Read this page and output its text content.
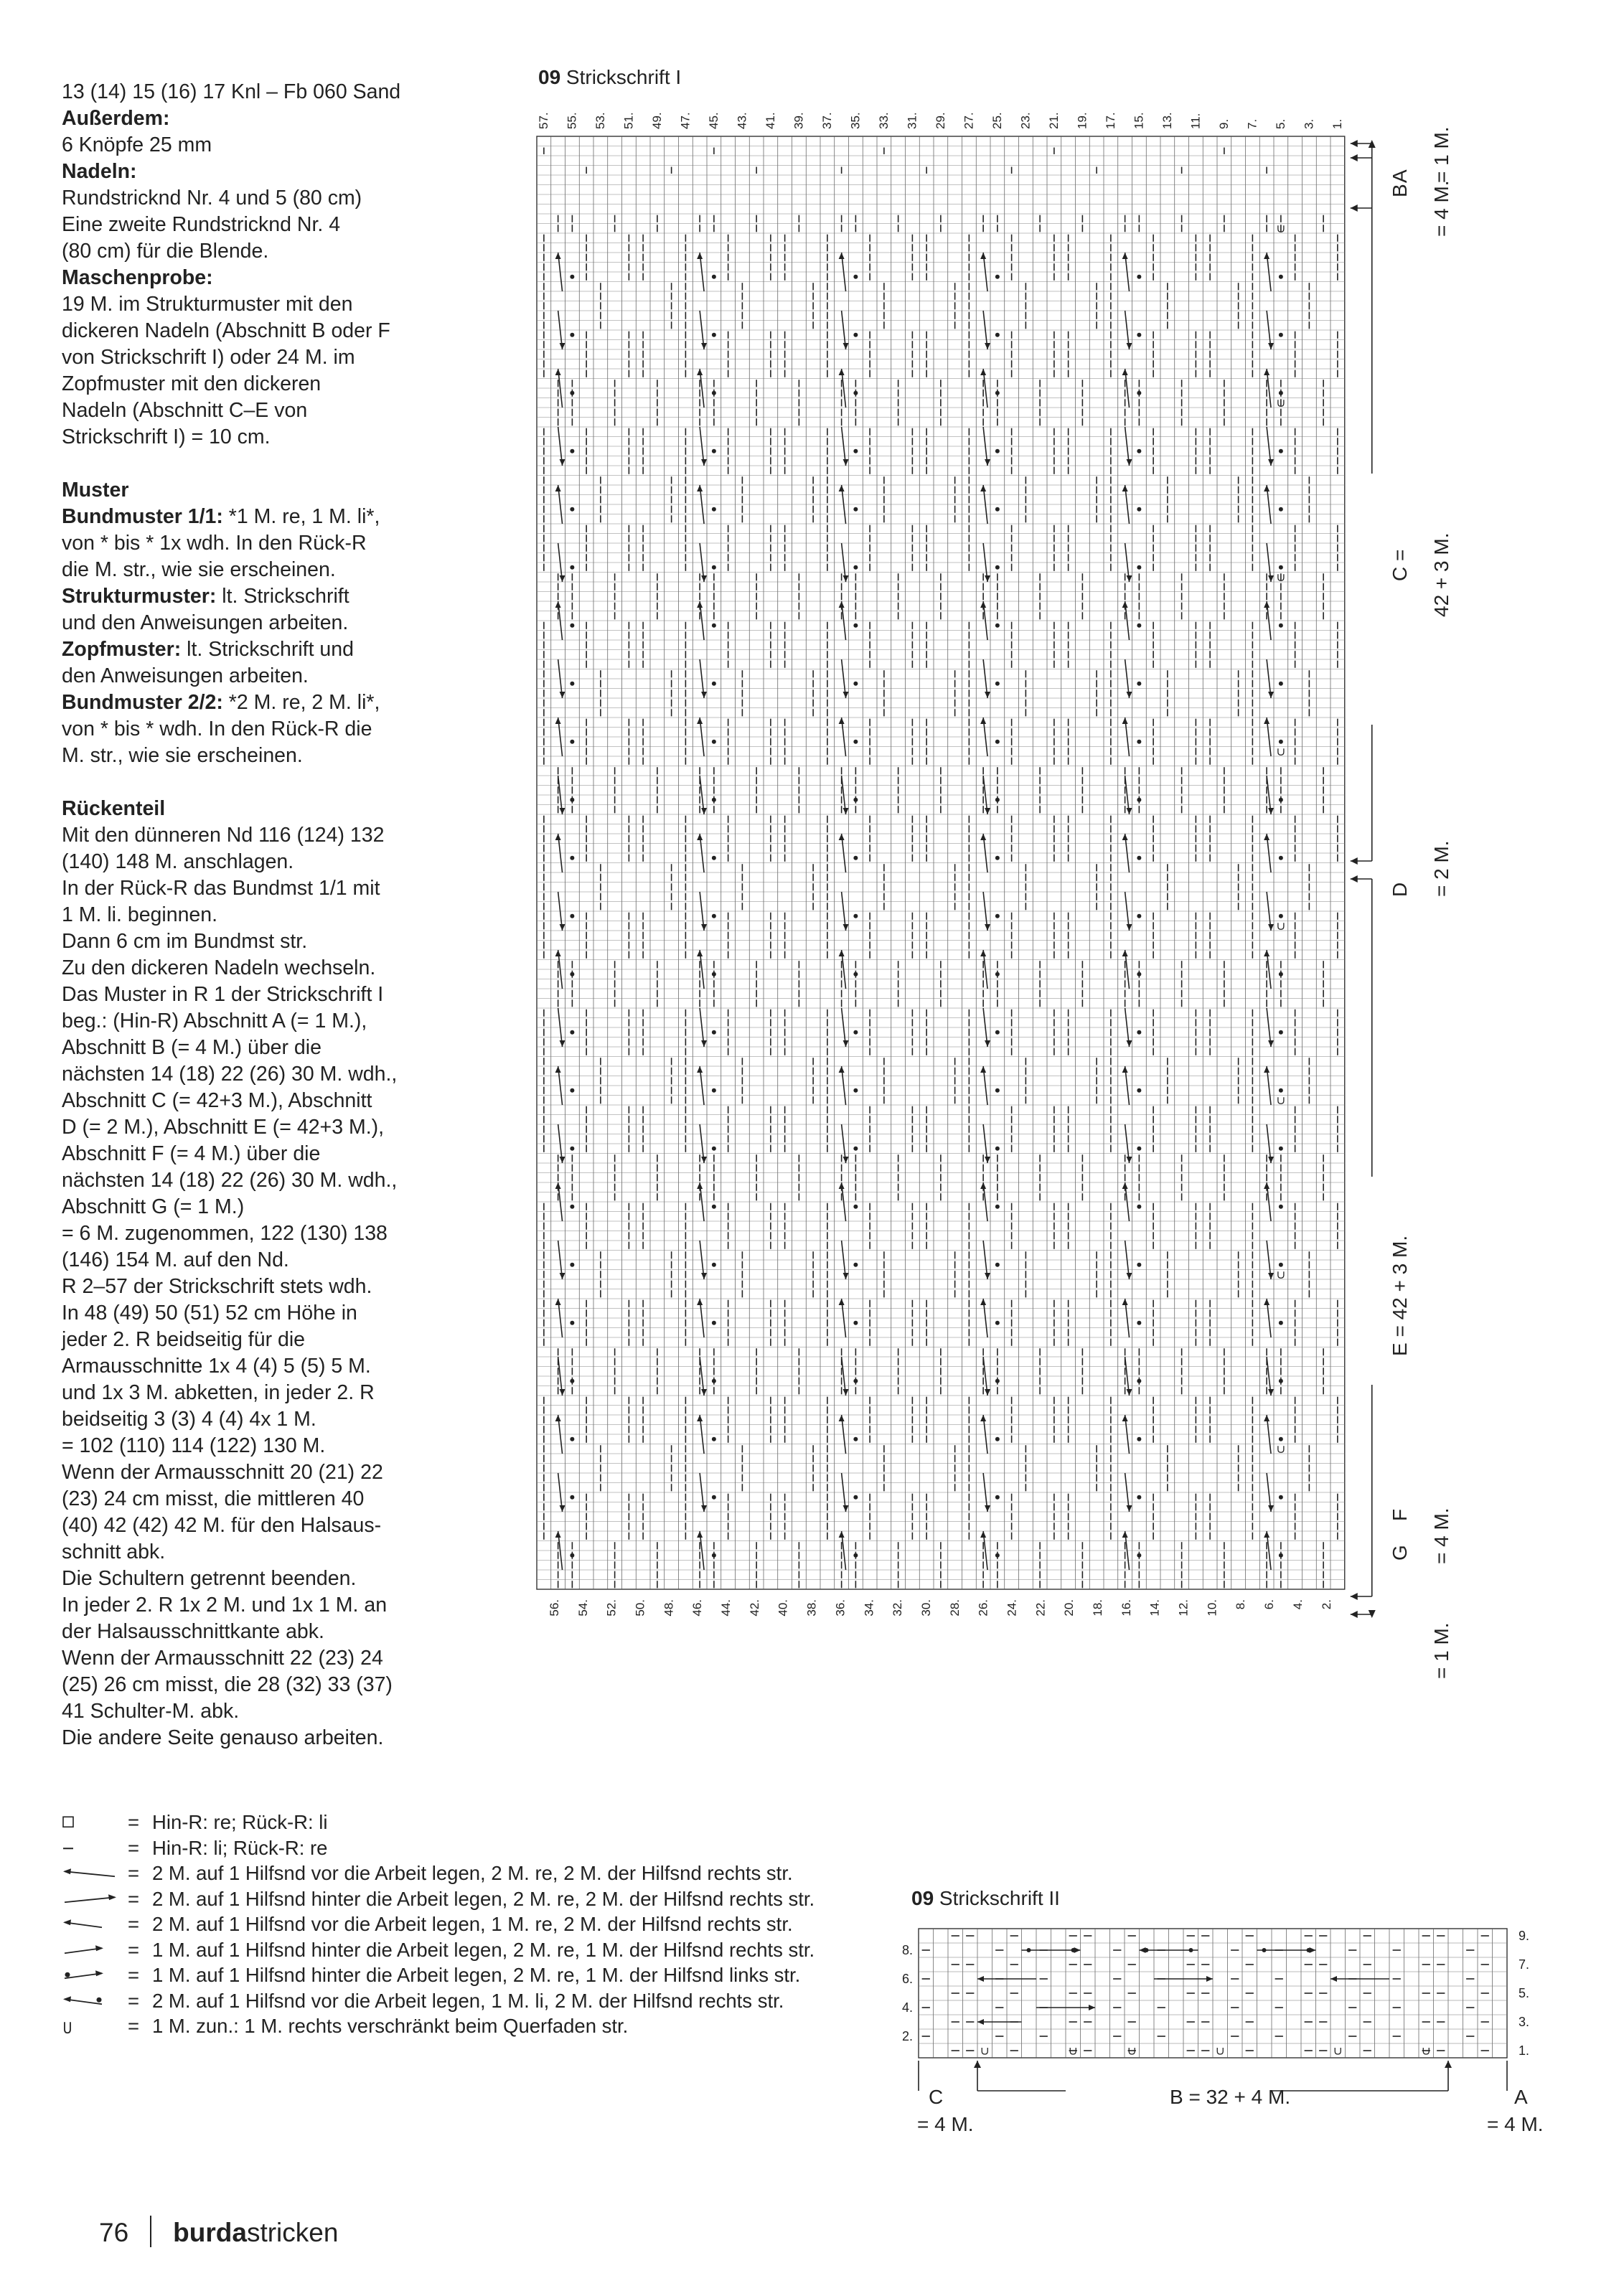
13 (14) 15 (16) 17 Knl – Fb 060 Sand
Außerdem:
6 Knöpfe 25 mm
Nadeln:
Rundstricknd Nr. 4 und 5 (80 cm)
Eine zweite Rundstricknd Nr. 4
(80 cm) für die Blende.
Maschenprobe:
19 M. im Strukturmuster mit den
dickeren Nadeln (Abschnitt B oder F
von Strickschrift I) oder 24 M. im
Zopfmuster mit den dickeren
Nadeln (Abschnitt C–E von
Strickschrift I) = 10 cm.
Muster
Bundmuster 1/1: *1 M. re, 1 M. li*,
von * bis * 1x wdh. In den Rück-R
die M. str., wie sie erscheinen.
Strukturmuster: lt. Strickschrift
und den Anweisungen arbeiten.
Zopfmuster: lt. Strickschrift und
den Anweisungen arbeiten.
Bundmuster 2/2: *2 M. re, 2 M. li*,
von * bis * wdh. In den Rück-R die
M. str., wie sie erscheinen.
Rückenteil
Mit den dünneren Nd 116 (124) 132
(140) 148 M. anschlagen.
In der Rück-R das Bundmst 1/1 mit
1 M. li. beginnen.
Dann 6 cm im Bundmst str.
Zu den dickeren Nadeln wechseln.
Das Muster in R 1 der Strickschrift I
beg.: (Hin-R) Abschnitt A (= 1 M.),
Abschnitt B (= 4 M.) über die
nächsten 14 (18) 22 (26) 30 M. wdh.,
Abschnitt C (= 42+3 M.), Abschnitt
D (= 2 M.), Abschnitt E (= 42+3 M.),
Abschnitt F (= 4 M.) über die
nächsten 14 (18) 22 (26) 30 M. wdh.,
Abschnitt G (= 1 M.)
= 6 M. zugenommen, 122 (130) 138
(146) 154 M. auf den Nd.
R 2–57 der Strickschrift stets wdh.
In 48 (49) 50 (51) 52 cm Höhe in
jeder 2. R beidseitig für die
Armausschnitte 1x 4 (4) 5 (5) 5 M.
und 1x 3 M. abketten, in jeder 2. R
beidseitig 3 (3) 4 (4) 4x 1 M.
= 102 (110) 114 (122) 130 M.
Wenn der Armausschnitt 20 (21) 22
(23) 24 cm misst, die mittleren 40
(40) 42 (42) 42 M. für den Halsaus-
schnitt abk.
Die Schultern getrennt beenden.
In jeder 2. R 1x 2 M. und 1x 1 M. an
der Halsausschnittkante abk.
Wenn der Armausschnitt 22 (23) 24
(25) 26 cm misst, die 28 (32) 33 (37)
41 Schulter-M. abk.
Die andere Seite genauso arbeiten.
09 Strickschrift I
57. 55. 53. 51. 49. 47. 45. 43. 41. 39. 37. 35. 33. 31. 29. 27. 25. 23. 21. 19. 17. 15. 13. 11. 9. 7. 5. 3. 1.
56. 54. 52. 50. 48. 46. 44. 42. 40. 38. 36. 34. 32. 30. 28. 26. 24. 22. 20. 18. 16. 14. 12. 10. 8. 6. 4. 2.
A = 1 M.
B = 4 M.
C = 42 + 3 M.
D = 2 M.
E = 42 + 3 M.
F = 4 M.
G
= 1 M.
09 Strickschrift II
9.
7.
5.
3.
1.
8.
6.
4.
2.
C
= 4 M.
B = 32 + 4 M.	A
= 4 M.
= Hin-R: re; Rück-R: li
= Hin-R: li; Rück-R: re
= 2 M. auf 1 Hilfsnd vor die Arbeit legen, 2 M. re, 2 M. der Hilfsnd rechts str.
= 2 M. auf 1 Hilfsnd hinter die Arbeit legen, 2 M. re, 2 M. der Hilfsnd rechts str.
= 2 M. auf 1 Hilfsnd vor die Arbeit legen, 1 M. re, 2 M. der Hilfsnd rechts str.
= 1 M. auf 1 Hilfsnd hinter die Arbeit legen, 2 M. re, 1 M. der Hilfsnd rechts str.
= 1 M. auf 1 Hilfsnd hinter die Arbeit legen, 2 M. re, 1 M. der Hilfsnd links str.
= 2 M. auf 1 Hilfsnd vor die Arbeit legen, 1 M. li, 2 M. der Hilfsnd rechts str.
= 1 M. zun.: 1 M. rechts verschränkt beim Querfaden str.
76 burdastricken
